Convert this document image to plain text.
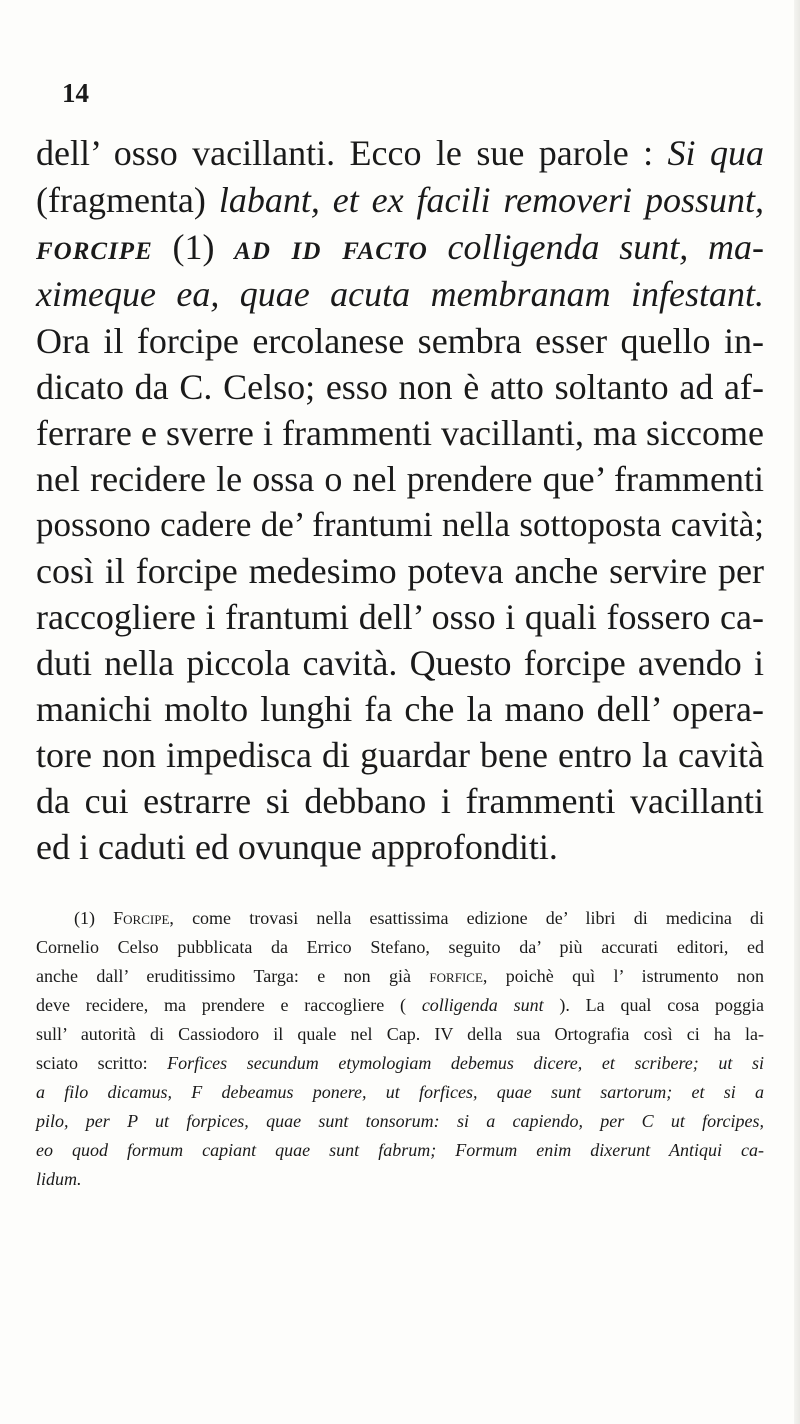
14
dell’ osso vacillanti. Ecco le sue parole : Si qua
(fragmenta) labant, et ex facili removeri possunt,
forcipe (1) ad id facto colligenda sunt, ma-
ximeque ea, quae acuta membranam infestant.
Ora il forcipe ercolanese sembra esser quello in-
dicato da C. Celso; esso non è atto soltanto ad af-
ferrare e sverre i frammenti vacillanti, ma siccome
nel recidere le ossa o nel prendere que’ frammenti
possono cadere de’ frantumi nella sottoposta cavità;
così il forcipe medesimo poteva anche servire per
raccogliere i frantumi dell’ osso i quali fossero ca-
duti nella piccola cavità. Questo forcipe avendo i
manichi molto lunghi fa che la mano dell’ opera-
tore non impedisca di guardar bene entro la cavità
da cui estrarre si debbano i frammenti vacillanti
ed i caduti ed ovunque approfonditi.
(1) Forcipe, come trovasi nella esattissima edizione de’ libri di medicina di
Cornelio Celso pubblicata da Errico Stefano, seguito da’ più accurati editori, ed
anche dall’ eruditissimo Targa: e non già forfice, poichè quì l’ istrumento non
deve recidere, ma prendere e raccogliere ( colligenda sunt ). La qual cosa poggia
sull’ autorità di Cassiodoro il quale nel Cap. IV della sua Ortografia così ci ha la-
sciato scritto: Forfices secundum etymologiam debemus dicere, et scribere; ut si
a filo dicamus, F debeamus ponere, ut forfices, quae sunt sartorum; et si a
pilo, per P ut forpices, quae sunt tonsorum: si a capiendo, per C ut forcipes,
eo quod formum capiant quae sunt fabrum; Formum enim dixerunt Antiqui ca-
lidum.
